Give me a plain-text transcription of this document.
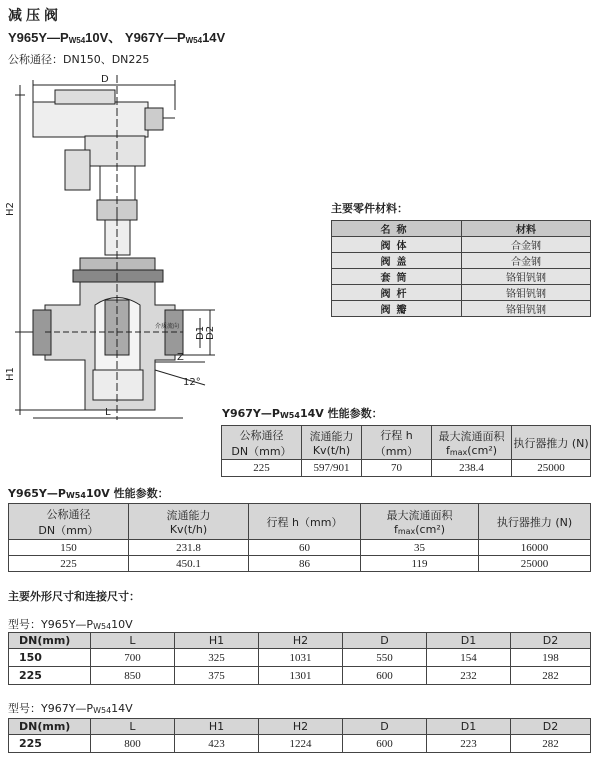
减压阀
Y965Y—PW5410V、 Y967Y—PW5414V
公称通径：DN150、DN225
D
H2
H1
L
D1 D2
Z
12°
介质流向
主要零件材料：
名称	材料
阀体	合金钢
阀盖	合金钢
套筒	铬钼钒钢
阀杆	铬钼钒钢
阀瓣	铬钼钒钢
Y967Y—PW5414V 性能参数：
公称通径
DN（mm）	流通能力
Kv(t/h)	行程 h（mm）	最大流通面积
fmax(cm²)	执行器推力 (N)
225	597/901	70	238.4	25000
Y965Y—PW5410V 性能参数：
公称通径
DN（mm）	流通能力
Kv(t/h)	行程 h（mm）	最大流通面积
fmax(cm²)	执行器推力 (N)
150	231.8	60	35	16000
225	450.1	86	119	25000
主要外形尺寸和连接尺寸：
型号：Y965Y—PW5410V
DN(mm)	L	H1	H2	D	D1	D2
150	700	325	1031	550	154	198
225	850	375	1301	600	232	282
型号：Y967Y—PW5414V
DN(mm)	L	H1	H2	D	D1	D2
225	800	423	1224	600	223	282
